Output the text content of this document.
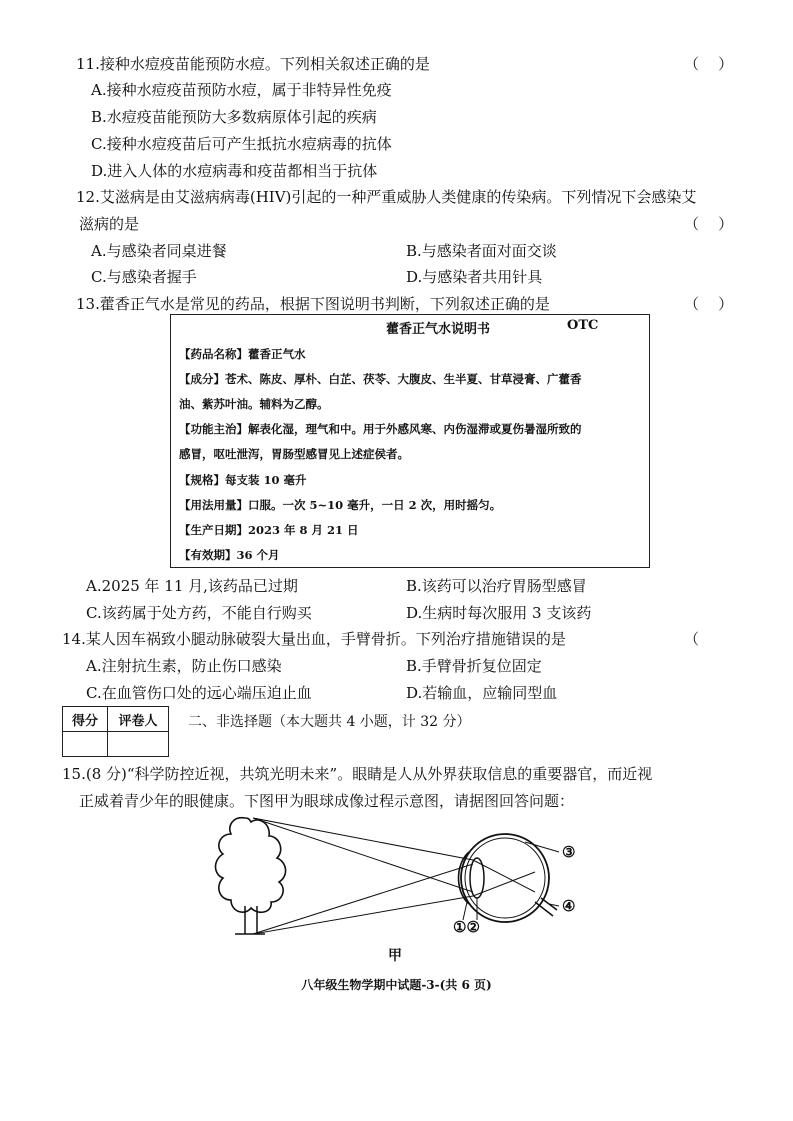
11.接种水痘疫苗能预防水痘。下列相关叙述正确的是	（    ）
A.接种水痘疫苗预防水痘，属于非特异性免疫
B.水痘疫苗能预防大多数病原体引起的疾病
C.接种水痘疫苗后可产生抵抗水痘病毒的抗体
D.进入人体的水痘病毒和疫苗都相当于抗体
12.艾滋病是由艾滋病病毒(HIV)引起的一种严重威胁人类健康的传染病。下列情况下会感染艾
滋病的是	（    ）
A.与感染者同桌进餐	B.与感染者面对面交谈
C.与感染者握手	D.与感染者共用针具
13.藿香正气水是常见的药品，根据下图说明书判断，下列叙述正确的是	（    ）
藿香正气水说明书	OTC
【药品名称】藿香正气水
【成分】苍术、陈皮、厚朴、白芷、茯苓、大腹皮、生半夏、甘草浸膏、广藿香
油、紫苏叶油。辅料为乙醇。
【功能主治】解表化湿，理气和中。用于外感风寒、内伤湿滞或夏伤暑湿所致的
感冒，呕吐泄泻，胃肠型感冒见上述症侯者。
【规格】每支装 10 毫升
【用法用量】口服。一次 5~10 毫升，一日 2 次，用时摇匀。
【生产日期】2023 年 8 月 21 日
【有效期】36 个月
A.2025 年 11 月,该药品已过期	B.该药可以治疗胃肠型感冒
C.该药属于处方药，不能自行购买	D.生病时每次服用 3 支该药
14.某人因车祸致小腿动脉破裂大量出血，手臂骨折。下列治疗措施错误的是	（
A.注射抗生素，防止伤口感染	B.手臂骨折复位固定
C.在血管伤口处的远心端压迫止血	D.若输血，应输同型血
得分	评卷人
	二、非选择题（本大题共 4 小题，计 32 分）
15.(8 分)“科学防控近视，共筑光明未来”。眼睛是人从外界获取信息的重要器官，而近视
正威着青少年的眼健康。下图甲为眼球成像过程示意图，请据图回答问题：
③
④
①②
甲
八年级生物学期中试题-3-(共 6 页)
